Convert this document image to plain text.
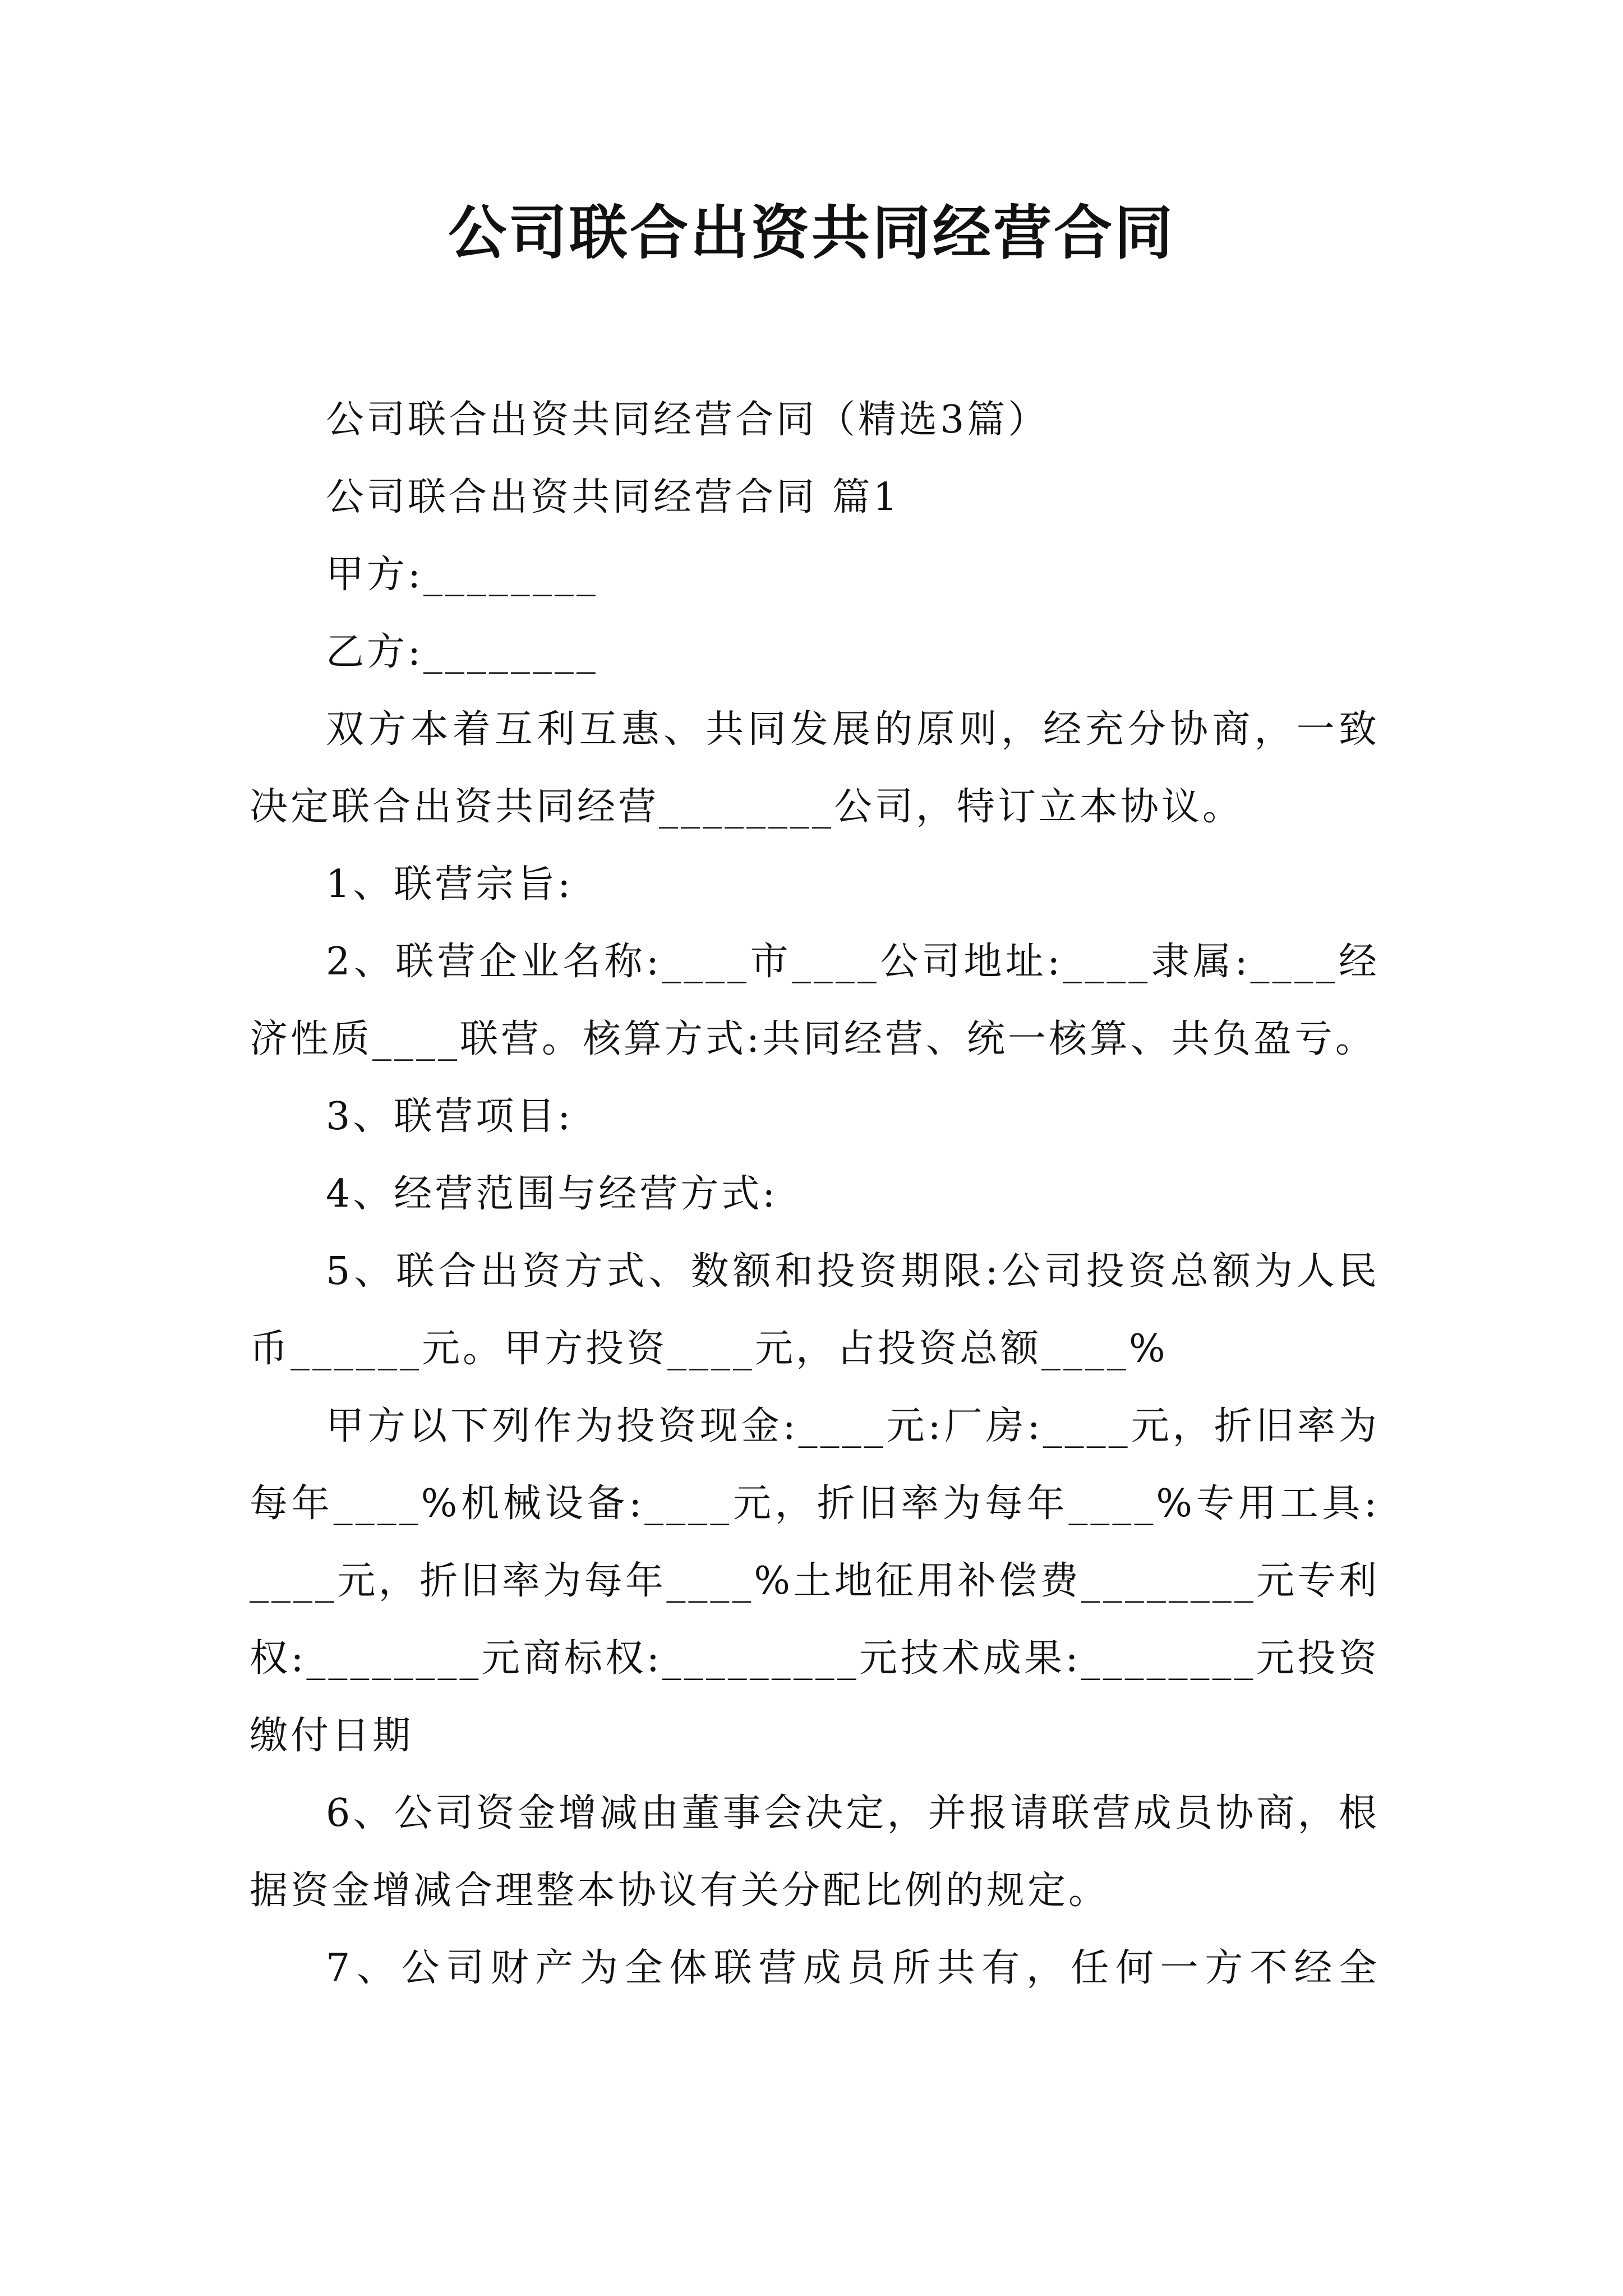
公司联合出资共同经营合同

公司联合出资共同经营合同（精选3篇）

公司联合出资共同经营合同 篇1

甲方:________

乙方:________

双方本着互利互惠、共同发展的原则，经充分协商，一致决定联合出资共同经营________公司，特订立本协议。

1、联营宗旨:

2、联营企业名称:____市____公司地址:____隶属:____经济性质____联营。核算方式:共同经营、统一核算、共负盈亏。

3、联营项目:

4、经营范围与经营方式:

5、联合出资方式、数额和投资期限:公司投资总额为人民币______元。甲方投资____元，占投资总额____%

甲方以下列作为投资现金:____元:厂房:____元，折旧率为每年____%机械设备:____元，折旧率为每年____%专用工具:____元，折旧率为每年____%土地征用补偿费________元专利权:________元商标权:_________元技术成果:________元投资缴付日期

6、公司资金增减由董事会决定，并报请联营成员协商，根据资金增减合理整本协议有关分配比例的规定。

7、公司财产为全体联营成员所共有，任何一方不经全
